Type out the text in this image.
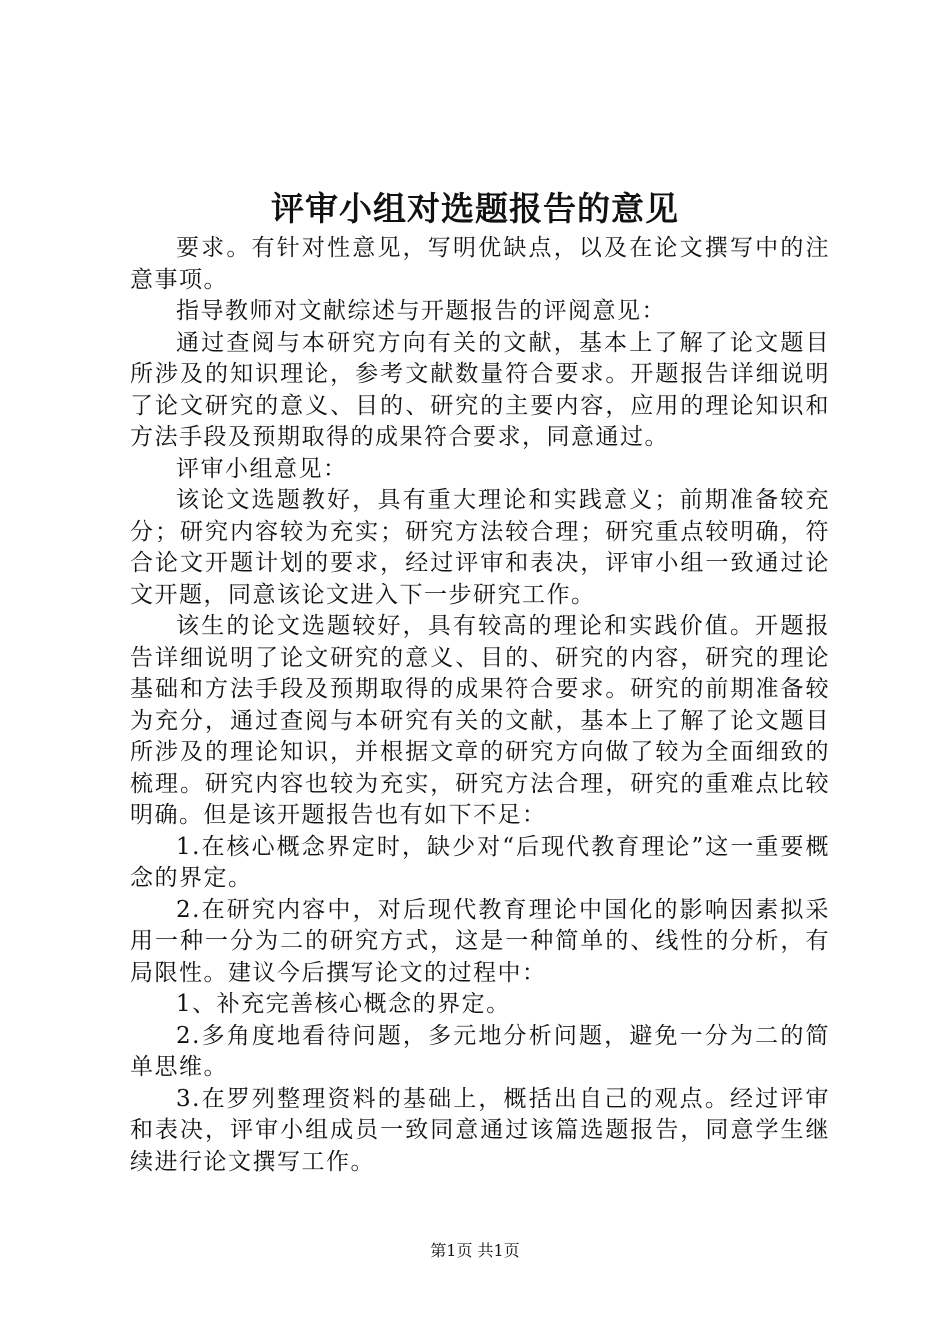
评审小组对选题报告的意见

要求。有针对性意见，写明优缺点，以及在论文撰写中的注意事项。

指导教师对文献综述与开题报告的评阅意见：

通过查阅与本研究方向有关的文献，基本上了解了论文题目所涉及的知识理论，参考文献数量符合要求。开题报告详细说明了论文研究的意义、目的、研究的主要内容，应用的理论知识和方法手段及预期取得的成果符合要求，同意通过。

评审小组意见：

该论文选题教好，具有重大理论和实践意义；前期准备较充分；研究内容较为充实；研究方法较合理；研究重点较明确，符合论文开题计划的要求，经过评审和表决，评审小组一致通过论文开题，同意该论文进入下一步研究工作。

该生的论文选题较好，具有较高的理论和实践价值。开题报告详细说明了论文研究的意义、目的、研究的内容，研究的理论基础和方法手段及预期取得的成果符合要求。研究的前期准备较为充分，通过查阅与本研究有关的文献，基本上了解了论文题目所涉及的理论知识，并根据文章的研究方向做了较为全面细致的梳理。研究内容也较为充实，研究方法合理，研究的重难点比较明确。但是该开题报告也有如下不足：

1.在核心概念界定时，缺少对“后现代教育理论”这一重要概念的界定。

2.在研究内容中，对后现代教育理论中国化的影响因素拟采用一种一分为二的研究方式，这是一种简单的、线性的分析，有局限性。建议今后撰写论文的过程中：

1、补充完善核心概念的界定。

2.多角度地看待问题，多元地分析问题，避免一分为二的简单思维。

3.在罗列整理资料的基础上，概括出自己的观点。经过评审和表决，评审小组成员一致同意通过该篇选题报告，同意学生继续进行论文撰写工作。

第1页 共1页
